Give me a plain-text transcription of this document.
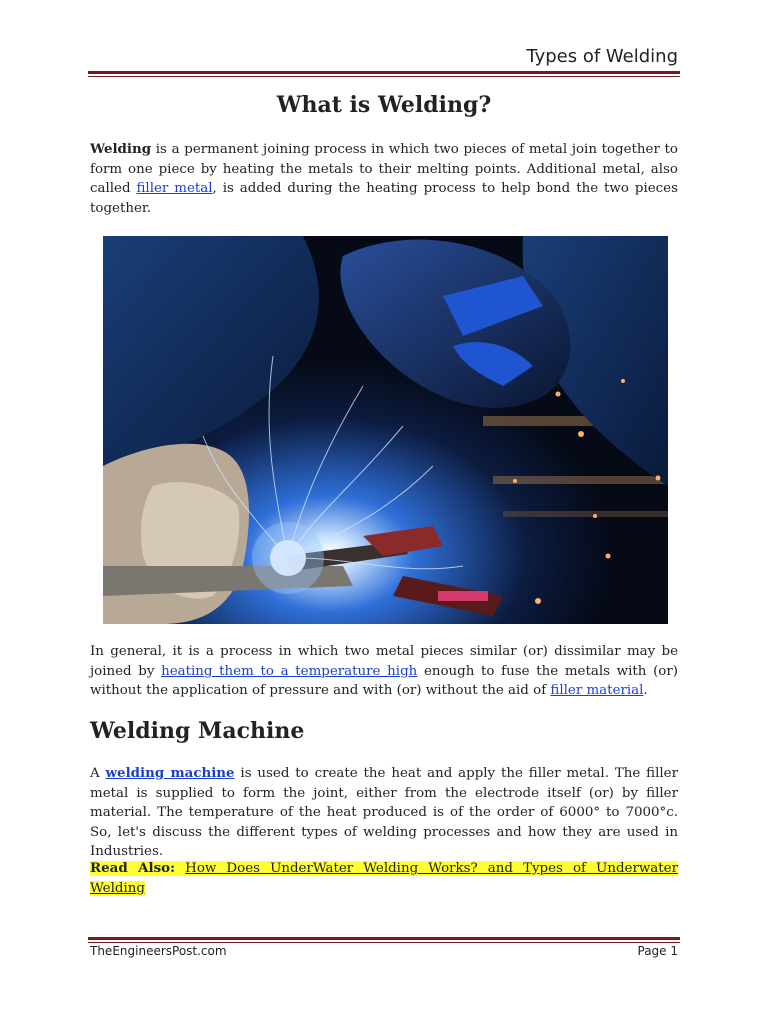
Types of Welding
What is Welding?

Welding is a permanent joining process in which two pieces of metal join together to form one piece by heating the metals to their melting points. Additional metal, also called filler metal, is added during the heating process to help bond the two pieces together.

In general, it is a process in which two metal pieces similar (or) dissimilar may be joined by heating them to a temperature high enough to fuse the metals with (or) without the application of pressure and with (or) without the aid of filler material.

Welding Machine

A welding machine is used to create the heat and apply the filler metal. The filler metal is supplied to form the joint, either from the electrode itself (or) by filler material. The temperature of the heat produced is of the order of 6000° to 7000°c. So, let's discuss the different types of welding processes and how they are used in Industries.

Read Also: How Does UnderWater Welding Works? and Types of Underwater Welding

TheEngineersPost.com	Page 1
